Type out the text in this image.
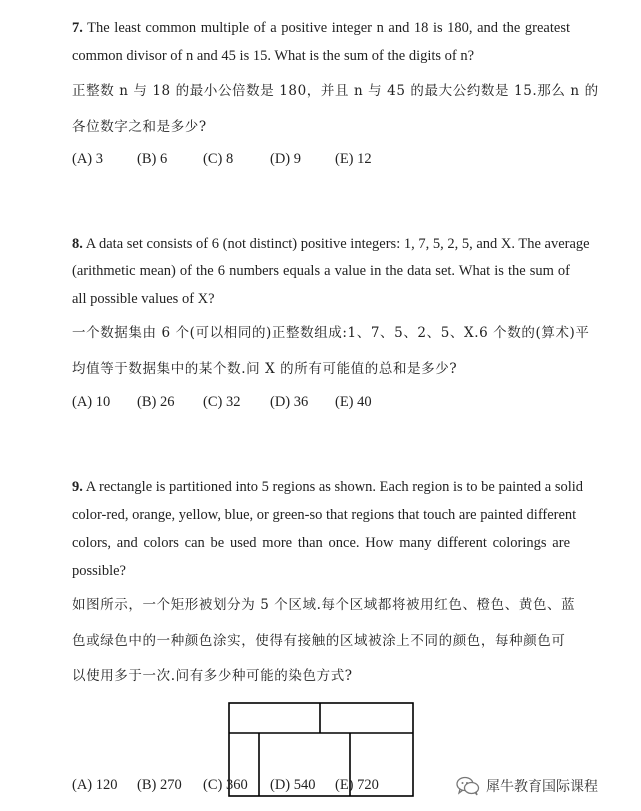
7. The least common multiple of a positive integer n and 18 is 180, and the greatest
common divisor of n and 45 is 15. What is the sum of the digits of n?
正整数 n 与 18 的最小公倍数是 180，并且 n 与 45 的最大公约数是 15.那么 n 的
各位数字之和是多少?
(A) 3 (B) 6 (C) 8	(D) 9 (E) 12
8. A data set consists of 6 (not distinct) positive integers: 1, 7, 5, 2, 5, and X. The average
(arithmetic mean) of the 6 numbers equals a value in the data set. What is the sum of
all possible values of X?
一个数据集由 6 个(可以相同的)正整数组成:1、7、5、2、5、X.6 个数的(算术)平
均值等于数据集中的某个数.问 X 的所有可能值的总和是多少?
(A) 10 (B) 26 (C) 32 (D) 36 (E) 40
9. A rectangle is partitioned into 5 regions as shown. Each region is to be painted a solid
color-red, orange, yellow, blue, or green-so that regions that touch are painted different
colors, and colors can be used more than once. How many different colorings are
possible?
如图所示，一个矩形被划分为 5 个区域.每个区域都将被用红色、橙色、黄色、蓝
色或绿色中的一种颜色涂实，使得有接触的区域被涂上不同的颜色，每种颜色可
以使用多于一次.问有多少种可能的染色方式?
(A) 120 (B) 270 (C) 360 (D) 540 (E) 720	犀牛教育国际课程
